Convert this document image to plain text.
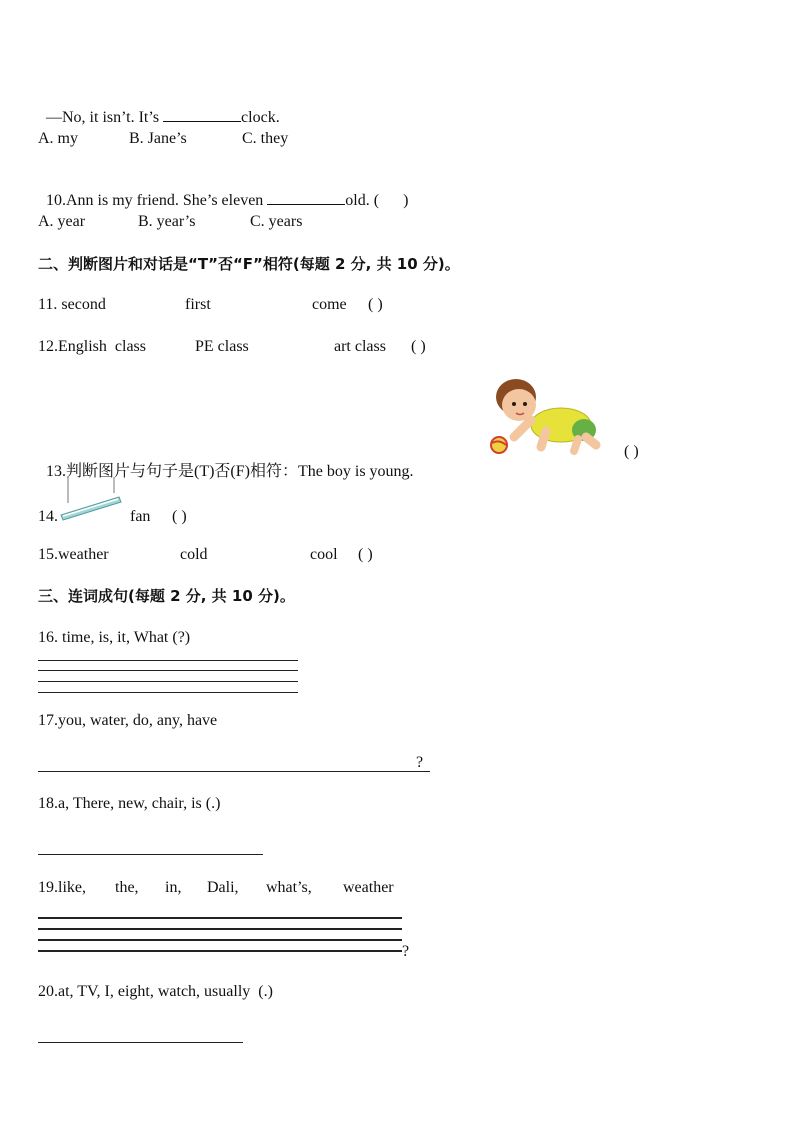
—No, it isn’t. It’s	clock.

A. my	B. Jane’s	C. they

10.Ann is my friend. She’s eleven	old. (      )

A. year	B. year’s	C. years
二、判断图片和对话是“T”否“F”相符(每题 2 分, 共 10 分)。
11. second	first	come ( )
12.English  class	PE class	art class ( )

13.判断图片与句子是(T)否(F)相符：The boy is young.

( )
14.	fan ( )
15.weather	cold	cool ( )
三、连词成句(每题 2 分, 共 10 分)。
16. time, is, it, What (?)
17.you, water, do, any, have
?
18.a, There, new, chair, is (.)
19.like, the, in, Dali, what’s, weather
?
20.at, TV, I, eight, watch, usually  (.)
